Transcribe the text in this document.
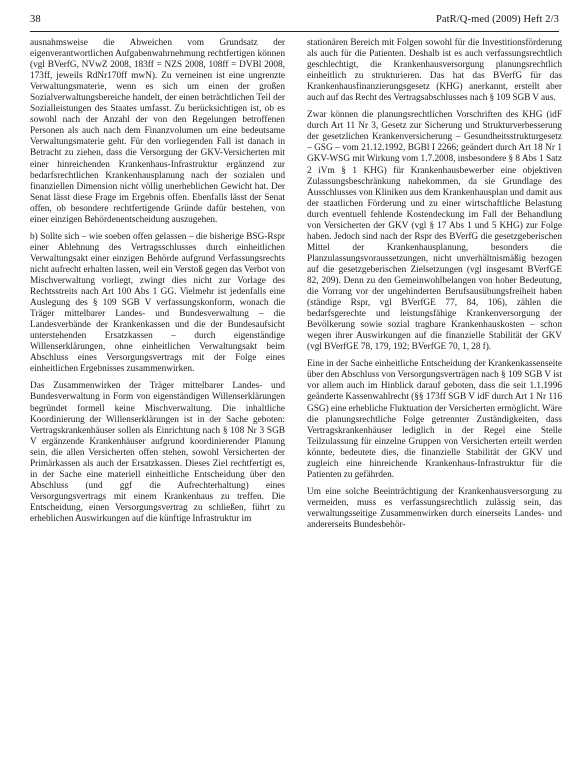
38	PatR/Q-med (2009) Heft 2/3

ausnahmsweise die Abweichen vom Grundsatz der eigenverantwortlichen Aufgabenwahrnehmung rechtfertigen können (vgl BVerfG, NVwZ 2008, 183ff = NZS 2008, 108ff = DVBl 2008, 173ff, jeweils RdNr170ff mwN). Zu verneinen ist eine ungrenzte Verwaltungsmaterie, wenn es sich um einen der großen Sozialverwaltungsbereiche handelt, der einen beträchtlichen Teil der Sozialleistungen des Staates umfasst. Zu berücksichtigen ist, ob es sowohl nach der Anzahl der von den Regelungen betroffenen Personen als auch nach dem Finanzvolumen um eine bedeutsame Verwaltungsmaterie geht. Für den vorliegenden Fall ist danach in Betracht zu ziehen, dass die Versorgung der GKV-Versicherten mit einer hinreichenden Krankenhaus-Infrastruktur ergänzend zur bedarfsrechtlichen Krankenhausplanung nach der sozialen und finanziellen Dimension nicht völlig unerheblichen Gewicht hat. Der Senat lässt diese Frage im Ergebnis offen. Ebenfalls lässt der Senat offen, ob besondere rechtfertigende Gründe dafür bestehen, von einer einzigen Behördenentscheidung auszugehen.

b) Sollte sich – wie soeben offen gelassen – die bisherige BSG-Rspr einer Ablehnung des Vertragsschlusses durch einheitlichen Verwaltungsakt einer einzigen Behörde aufgrund Verfassungsrechts nicht aufrecht erhalten lassen, weil ein Verstoß gegen das Verbot von Mischverwaltung vorliegt, zwingt dies nicht zur Vorlage des Rechtsstreits nach Art 100 Abs 1 GG. Vielmehr ist jedenfalls eine Auslegung des § 109 SGB V verfassungskonform, wonach die Träger mittelbarer Landes- und Bundesverwaltung – die Landesverbände der Krankenkassen und die der Bundesaufsicht unterstehenden Ersatzkassen – durch eigenständige Willenserklärungen, ohne einheitlichen Verwaltungsakt beim Abschluss eines Versorgungsvertrags mit der Folge eines einheitlichen Ergebnisses zusammenwirken.

Das Zusammenwirken der Träger mittelbarer Landes- und Bundesverwaltung in Form von eigenständigen Willenserklärungen begründet formell keine Mischverwaltung. Die inhaltliche Koordinierung der Willenserklärungen ist in der Sache geboten: Vertragskrankenhäuser sollen als Einrichtung nach § 108 Nr 3 SGB V ergänzende Krankenhäuser aufgrund koordinierender Planung sein, die allen Versicherten offen stehen, sowohl Versicherten der Primärkassen als auch der Ersatzkassen. Dieses Ziel rechtfertigt es, in der Sache eine materiell einheitliche Entscheidung über den Abschluss (und ggf die Aufrechterhaltung) eines Versorgungsvertrags mit einem Krankenhaus zu treffen. Die Entscheidung, einen Versorgungsvertrag zu schließen, führt zu erheblichen Auswirkungen auf die künftige Infrastruktur im

stationären Bereich mit Folgen sowohl für die Investitionsförderung als auch für die Patienten. Deshalb ist es auch verfassungsrechtlich geschlechtigt, die Krankenhausversorgung planungsrechtlich einheitlich zu strukturieren. Das hat das BVerfG für das Krankenhausfinanzierungsgesetz (KHG) anerkannt, erstellt aber auch auf das Recht des Vertragsabschlusses nach § 109 SGB V aus.

Zwar können die planungsrechtlichen Vorschriften des KHG (idF durch Art 11 Nr 3, Gesetz zur Sicherung und Strukturverbesserung der gesetzlichen Krankenversicherung – Gesundheitsstrukturgesetz – GSG – vom 21.12.1992, BGBl I 2266; geändert durch Art 18 Nr 1 GKV-WSG mit Wirkung vom 1.7.2008, insbesondere § 8 Abs 1 Satz 2 iVm § 1 KHG) für Krankenhausbewerber eine objektiven Zulassungsbeschränkung nahekommen, da sie Grundlage des Ausschlusses von Kliniken aus dem Krankenhausplan und damit aus der staatlichen Förderung und zu einer wirtschaftliche Belastung durch eventuell fehlende Kostendeckung im Fall der Behandlung von Versicherten der GKV (vgl § 17 Abs 1 und 5 KHG) zur Folge haben. Jedoch sind nach der Rspr des BVerfG die gesetzgeberischen Mittel der Krankenhausplanung, besonders die Planzulassungsvoraussetzungen, nicht unverhältnismäßig bezogen auf die gesetzgeberischen Zielsetzungen (vgl insgesamt BVerfGE 82, 209). Denn zu den Gemeinwohlbelangen von hoher Bedeutung, die Vorrang vor der ungehinderten Berufsausübungsfreiheit haben (ständige Rspr, vgl BVerfGE 77, 84, 106), zählen die bedarfsgerechte und leistungsfähige Krankenversorgung der Bevölkerung sowie sozial tragbare Krankenhauskosten – schon wegen ihrer Auswirkungen auf die finanzielle Stabilität der GKV (vgl BVerfGE 78, 179, 192; BVerfGE 70, 1, 28 f).

Eine in der Sache einheitliche Entscheidung der Krankenkassenseite über den Abschluss von Versorgungsverträgen nach § 109 SGB V ist vor allem auch im Hinblick darauf geboten, dass die seit 1.1.1996 geänderte Kassenwahlrecht (§§ 173ff SGB V idF durch Art 1 Nr 116 GSG) eine erhebliche Fluktuation der Versicherten ermöglicht. Wäre die planungsrechtliche Folge getrennter Zuständigkeiten, dass Vertragskrankenhäuser lediglich in der Regel eine Stelle Teilzulassung für einzelne Gruppen von Versicherten erteilt werden könnte, bedeutete dies, die finanzielle Stabilität der GKV und zugleich eine hinreichende Krankenhaus-Infrastruktur für die Patienten zu gefährden.

Um eine solche Beeinträchtigung der Krankenhausversorgung zu vermeiden, muss es verfassungsrechtlich zulässig sein, das verwaltungsseitige Zusammenwirken durch einerseits Landes- und andererseits Bundesbehör-
